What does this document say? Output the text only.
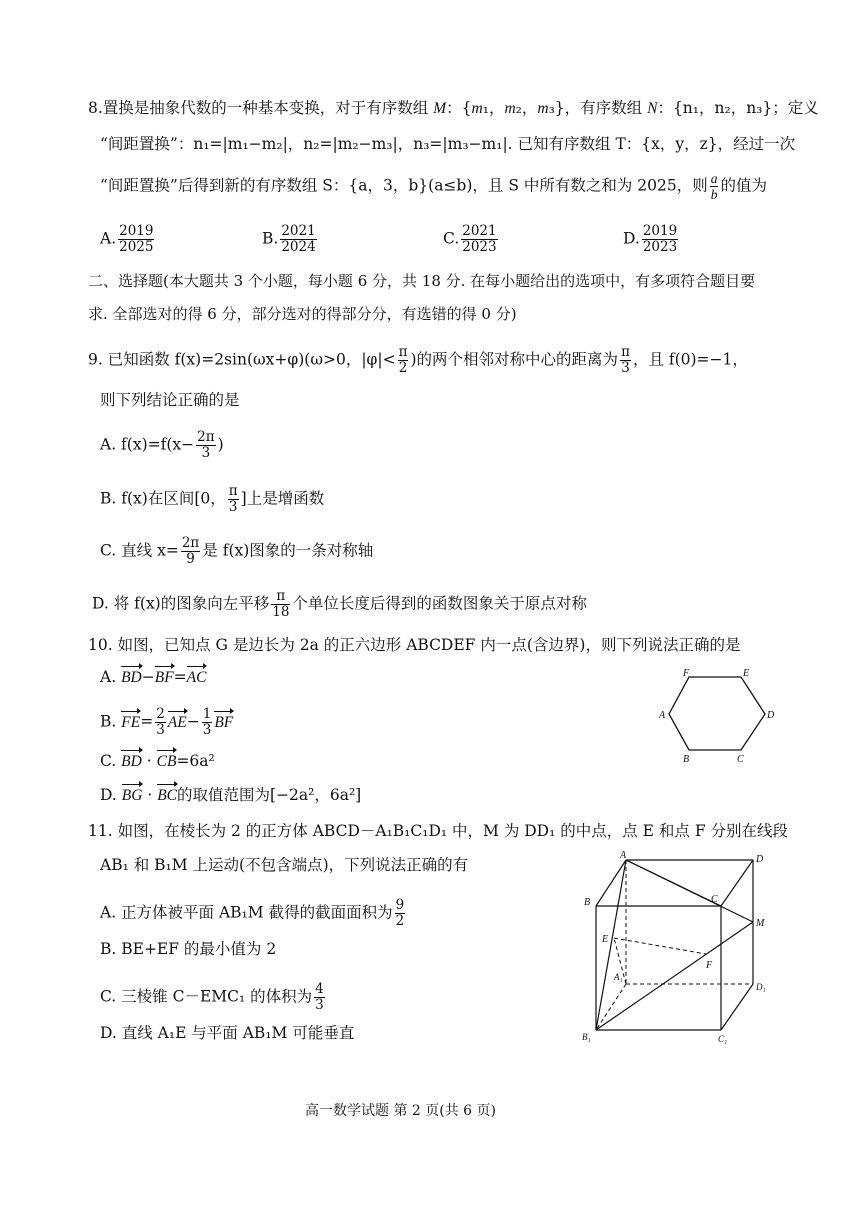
8.置换是抽象代数的一种基本变换，对于有序数组 M：{m₁，m₂，m₃}，有序数组 N：{n₁，n₂，n₃}；定义
“间距置换”：n₁=|m₁−m₂|，n₂=|m₂−m₃|，n₃=|m₃−m₁|. 已知有序数组 T：{x，y，z}，经过一次
“间距置换”后得到新的有序数组 S：{a，3，b}(a≤b)，且 S 中所有数之和为 2025，则 $\frac{a}{b}$ 的值为
A. $\frac{2019}{2025}$	B. $\frac{2021}{2024}$	C. $\frac{2021}{2023}$	D. $\frac{2019}{2023}$
二、选择题(本大题共 3 个小题，每小题 6 分，共 18 分. 在每小题给出的选项中，有多项符合题目要
求. 全部选对的得 6 分，部分选对的得部分分，有选错的得 0 分)
9. 已知函数 f(x)=2sin(ωx+φ)(ω>0，$|\varphi|< \frac{\pi}{2}$ )的两个相邻对称中心的距离为 $\frac{\pi}{3}$ ，且 f(0)=−1，
则下列结论正确的是
A. $f(x)=f(x- \frac{2\pi}{3}$ )
B. f(x)在区间[0， $\frac{\pi}{3}$ ]上是增函数
C. 直线 $x= \frac{2\pi}{9}$ 是 f(x)图象的一条对称轴
D. 将 f(x)的图象向左平移 $\frac{\pi}{18}$ 个单位长度后得到的函数图象关于原点对称
10. 如图，已知点 G 是边长为 2a 的正六边形 ABCDEF 内一点(含边界)，则下列说法正确的是
A. BD−BF=AC
B. $FE= \frac{2}{3} AE- \frac{1}{3}$ BF
C. BD · CB=6a²
D. BG · BC的取值范围为[−2a²，6a²]
F	E
A	D
B	C
11. 如图，在棱长为 2 的正方体 ABCD－A₁B₁C₁D₁ 中，M 为 DD₁ 的中点，点 E 和点 F 分别在线段
AB₁ 和 B₁M 上运动(不包含端点)，下列说法正确的有
A. 正方体被平面 AB₁M 截得的截面面积为 $\frac{9}{2}$
B. BE+EF 的最小值为 2
C. 三棱锥 C－EMC₁ 的体积为 $\frac{4}{3}$
D. 直线 A₁E 与平面 AB₁M 可能垂直
A	D
B	C
M
E
F
A₁
D₁
B₁	C₁
高一数学试题 第 2 页(共 6 页)
